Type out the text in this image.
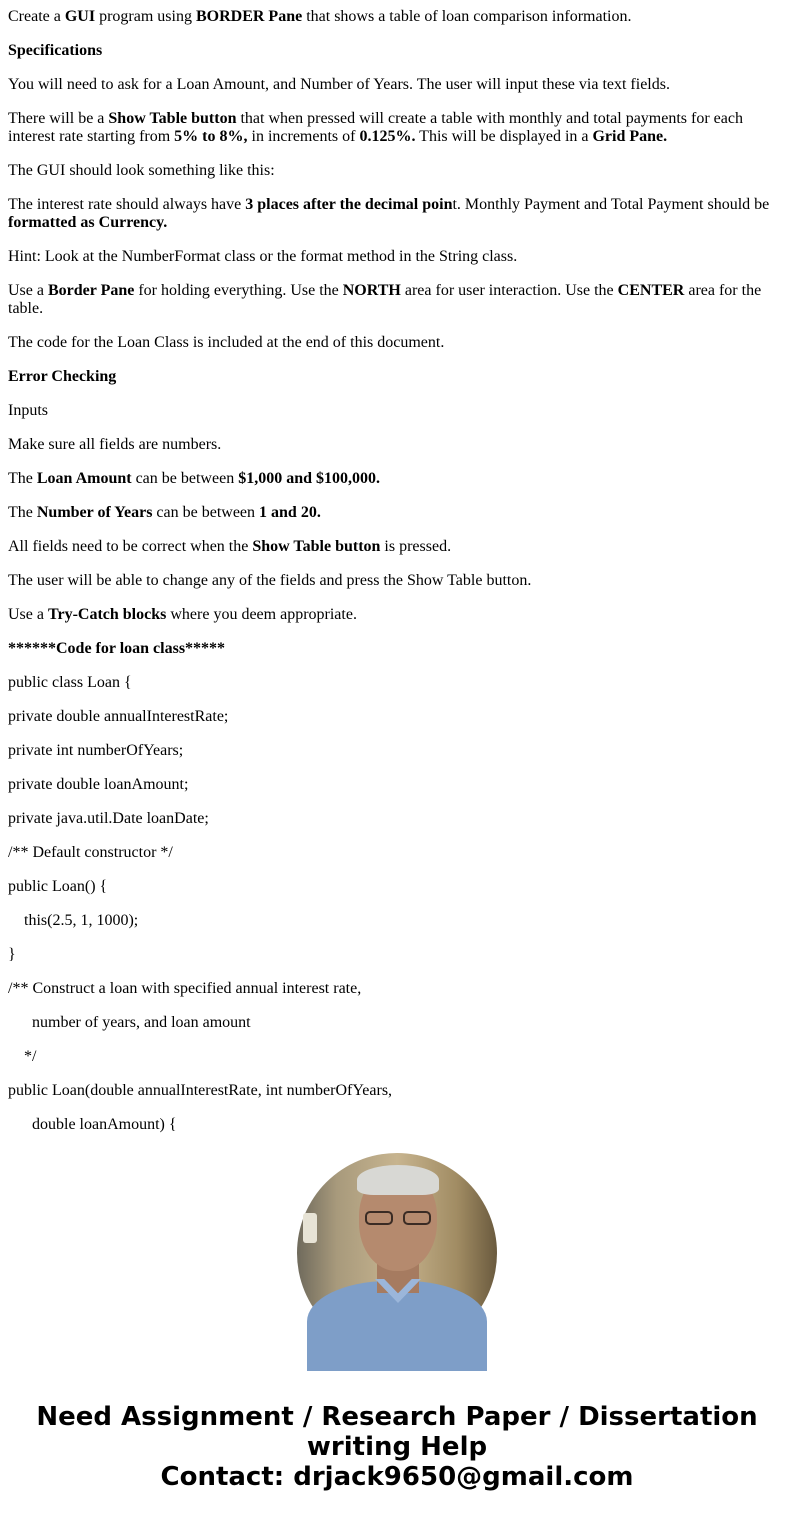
Create a GUI program using BORDER Pane that shows a table of loan comparison information.

Specifications

You will need to ask for a Loan Amount, and Number of Years. The user will input these via text fields.

There will be a Show Table button that when pressed will create a table with monthly and total payments for each interest rate starting from 5% to 8%, in increments of 0.125%. This will be displayed in a Grid Pane.

The GUI should look something like this:

The interest rate should always have 3 places after the decimal point. Monthly Payment and Total Payment should be formatted as Currency.

Hint: Look at the NumberFormat class or the format method in the String class.

Use a Border Pane for holding everything. Use the NORTH area for user interaction. Use the CENTER area for the table.

The code for the Loan Class is included at the end of this document.

Error Checking

Inputs

Make sure all fields are numbers.

The Loan Amount can be between $1,000 and $100,000.

The Number of Years can be between 1 and 20.

All fields need to be correct when the Show Table button is pressed.

The user will be able to change any of the fields and press the Show Table button.

Use a Try-Catch blocks where you deem appropriate.

******Code for loan class*****

public class Loan {

private double annualInterestRate;

private int numberOfYears;

private double loanAmount;

private java.util.Date loanDate;

/** Default constructor */

public Loan() {

this(2.5, 1, 1000);

}

/** Construct a loan with specified annual interest rate,

number of years, and loan amount

*/

public Loan(double annualInterestRate, int numberOfYears,

double loanAmount) {

Need Assignment / Research Paper / Dissertation
writing Help
Contact: drjack9650@gmail.com
